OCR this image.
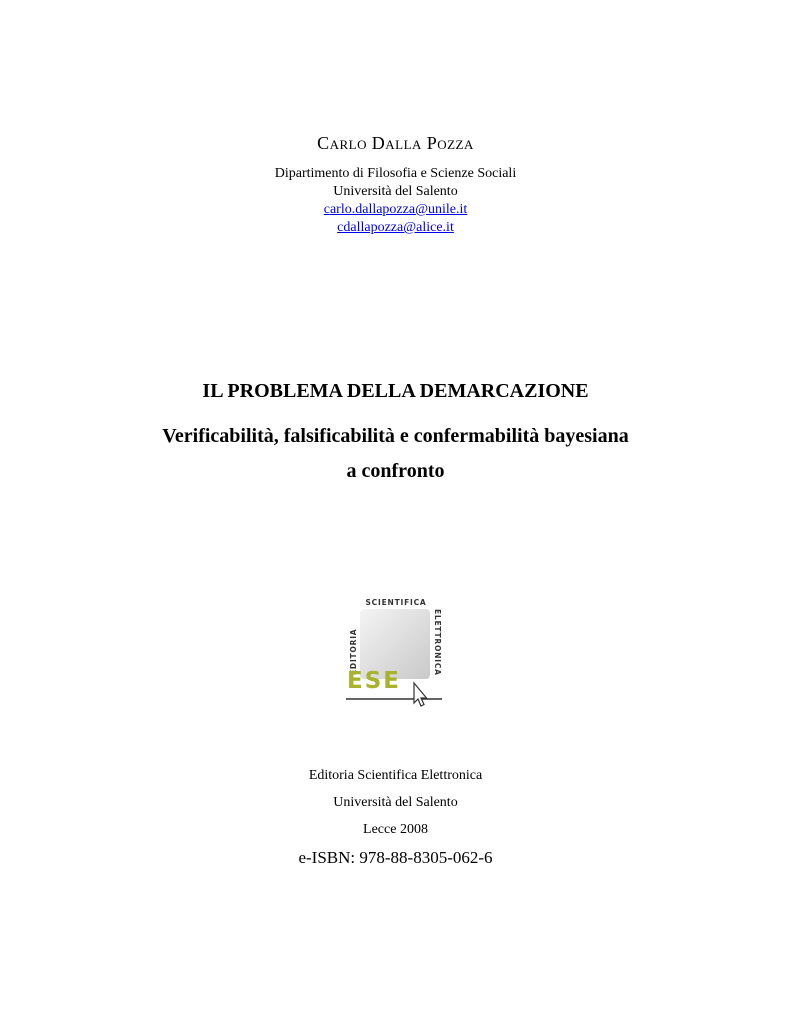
CARLO DALLA POZZA
Dipartimento di Filosofia e Scienze Sociali
Università del Salento
carlo.dallapozza@unile.it
cdallapozza@alice.it
IL PROBLEMA DELLA DEMARCAZIONE
Verificabilità, falsificabilità e confermabilità bayesiana
a confronto
SCIENTIFICA
EDITORIA	ELETTRONICA
ESE
Editoria Scientifica Elettronica
Università del Salento
Lecce 2008
e-ISBN: 978-88-8305-062-6
